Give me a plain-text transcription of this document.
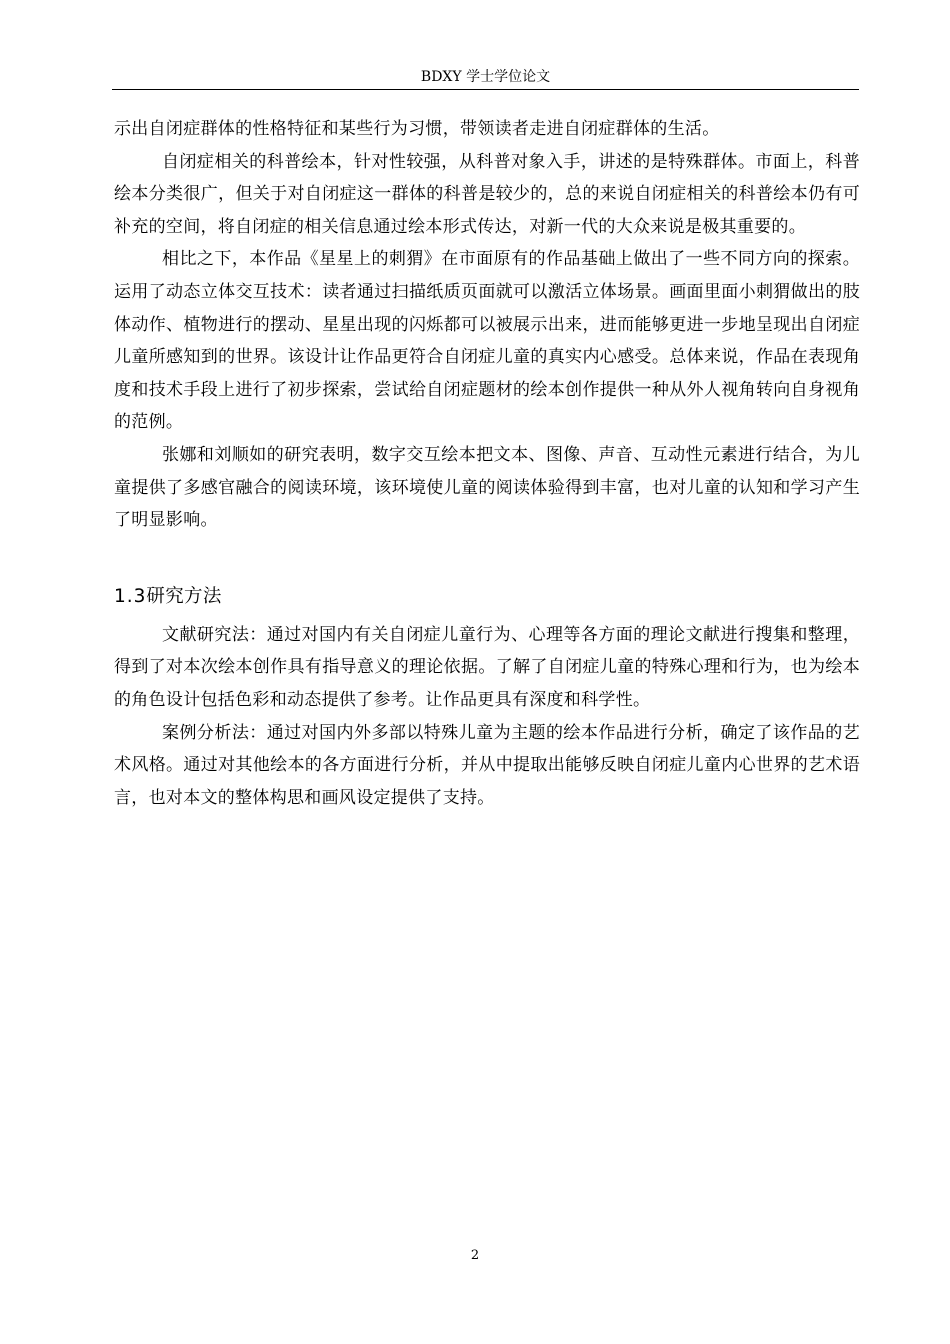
BDXY 学士学位论文

示出自闭症群体的性格特征和某些行为习惯，带领读者走进自闭症群体的生活。

自闭症相关的科普绘本，针对性较强，从科普对象入手，讲述的是特殊群体。市面上，科普绘本分类很广，但关于对自闭症这一群体的科普是较少的，总的来说自闭症相关的科普绘本仍有可补充的空间，将自闭症的相关信息通过绘本形式传达，对新一代的大众来说是极其重要的。

相比之下，本作品《星星上的刺猬》在市面原有的作品基础上做出了一些不同方向的探索。运用了动态立体交互技术：读者通过扫描纸质页面就可以激活立体场景。画面里面小刺猬做出的肢体动作、植物进行的摆动、星星出现的闪烁都可以被展示出来，进而能够更进一步地呈现出自闭症儿童所感知到的世界。该设计让作品更符合自闭症儿童的真实内心感受。总体来说，作品在表现角度和技术手段上进行了初步探索，尝试给自闭症题材的绘本创作提供一种从外人视角转向自身视角的范例。

张娜和刘顺如的研究表明，数字交互绘本把文本、图像、声音、互动性元素进行结合，为儿童提供了多感官融合的阅读环境，该环境使儿童的阅读体验得到丰富，也对儿童的认知和学习产生了明显影响。

1.3研究方法

文献研究法：通过对国内有关自闭症儿童行为、心理等各方面的理论文献进行搜集和整理，得到了对本次绘本创作具有指导意义的理论依据。了解了自闭症儿童的特殊心理和行为，也为绘本的角色设计包括色彩和动态提供了参考。让作品更具有深度和科学性。

案例分析法：通过对国内外多部以特殊儿童为主题的绘本作品进行分析，确定了该作品的艺术风格。通过对其他绘本的各方面进行分析，并从中提取出能够反映自闭症儿童内心世界的艺术语言，也对本文的整体构思和画风设定提供了支持。

2
